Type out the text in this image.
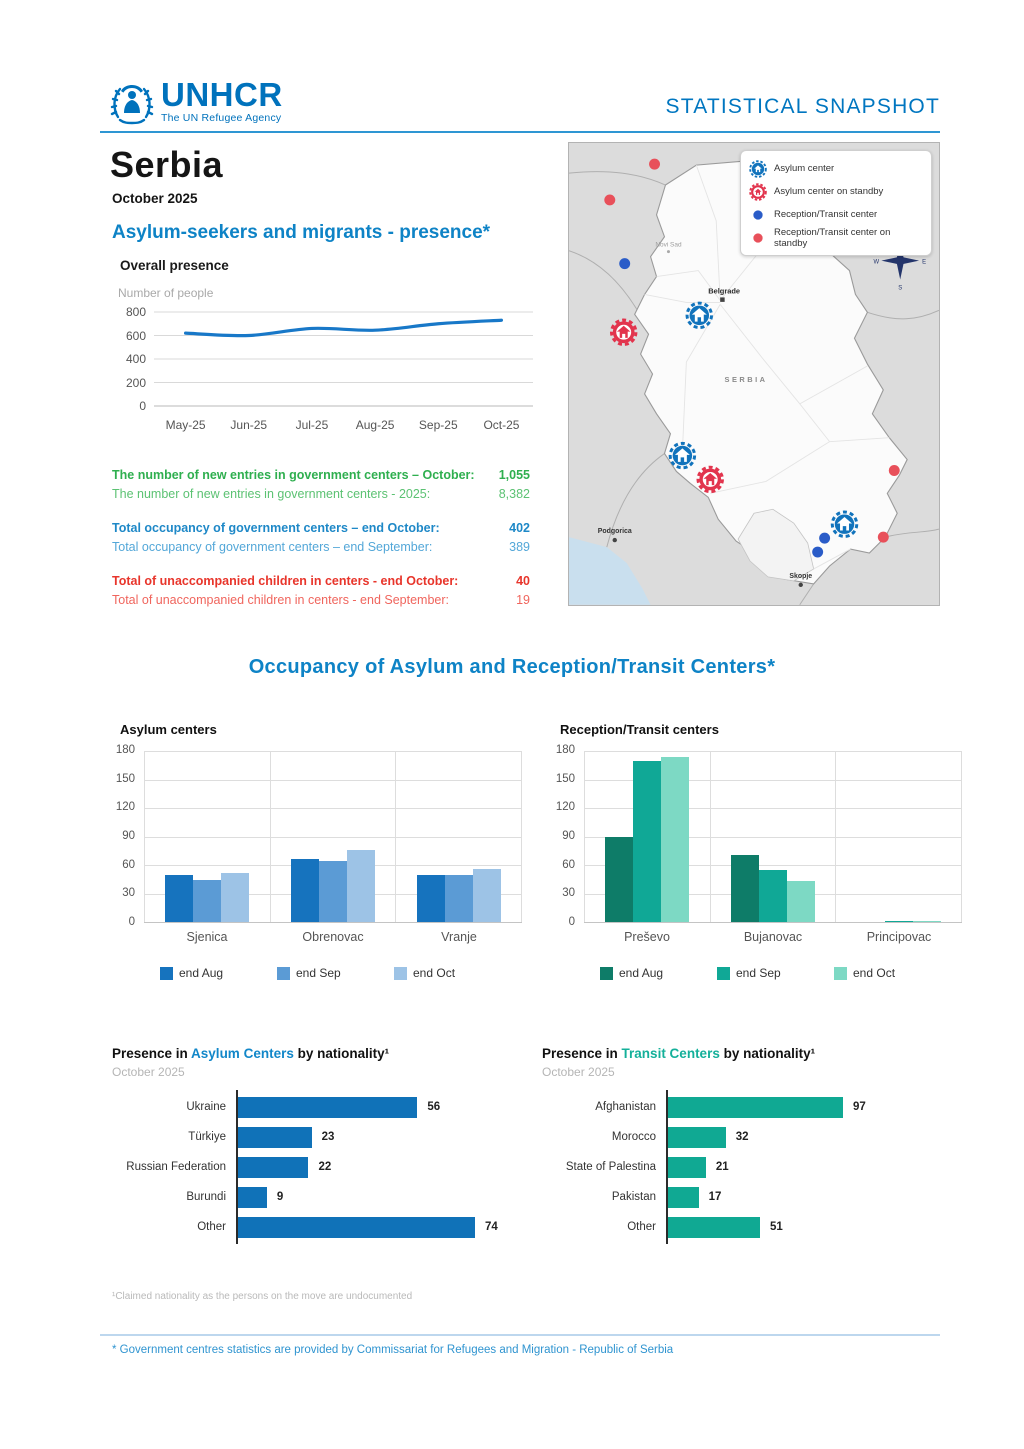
UNHCR
The UN Refugee Agency	STATISTICAL SNAPSHOT
Serbia
October 2025
Asylum-seekers and migrants - presence*
Overall presence
Number of people
0
200
400
600
800
May-25	Jun-25	Jul-25	Aug-25	Sep-25	Oct-25
The number of new entries in government centers – October: 1,055
The number of new entries in government centers - 2025:	8,382
Total occupancy of government centers – end October:	402
Total occupancy of government centers – end September:	389
Total of unaccompanied children in centers - end October:	40
Total of unaccompanied children in centers - end September:	19
Novi Sad
Belgrade
SERBIA
Podgorica
Skopje
S
W	E
Asylum center
Asylum center on standby
Reception/Transit center
Reception/Transit center on standby
Occupancy of Asylum and Reception/Transit Centers*
Asylum centers
0
30
60
90
120
150
180
Sjenica	Obrenovac	Vranje
end Aug	end Sep	end Oct
Reception/Transit centers
0
30
60
90
120
150
180
Preševo	Bujanovac	Principovac
end Aug	end Sep	end Oct
Presence in Asylum Centers by nationality¹
October 2025
Ukraine	56
Türkiye	23
Russian Federation	22
Burundi	9
Other	74
Presence in Transit Centers by nationality¹
October 2025
Afghanistan	97
Morocco	32
State of Palestina	21
Pakistan	17
Other	51
¹Claimed nationality as the persons on the move are undocumented
* Government centres statistics are provided by Commissariat for Refugees and Migration - Republic of Serbia
